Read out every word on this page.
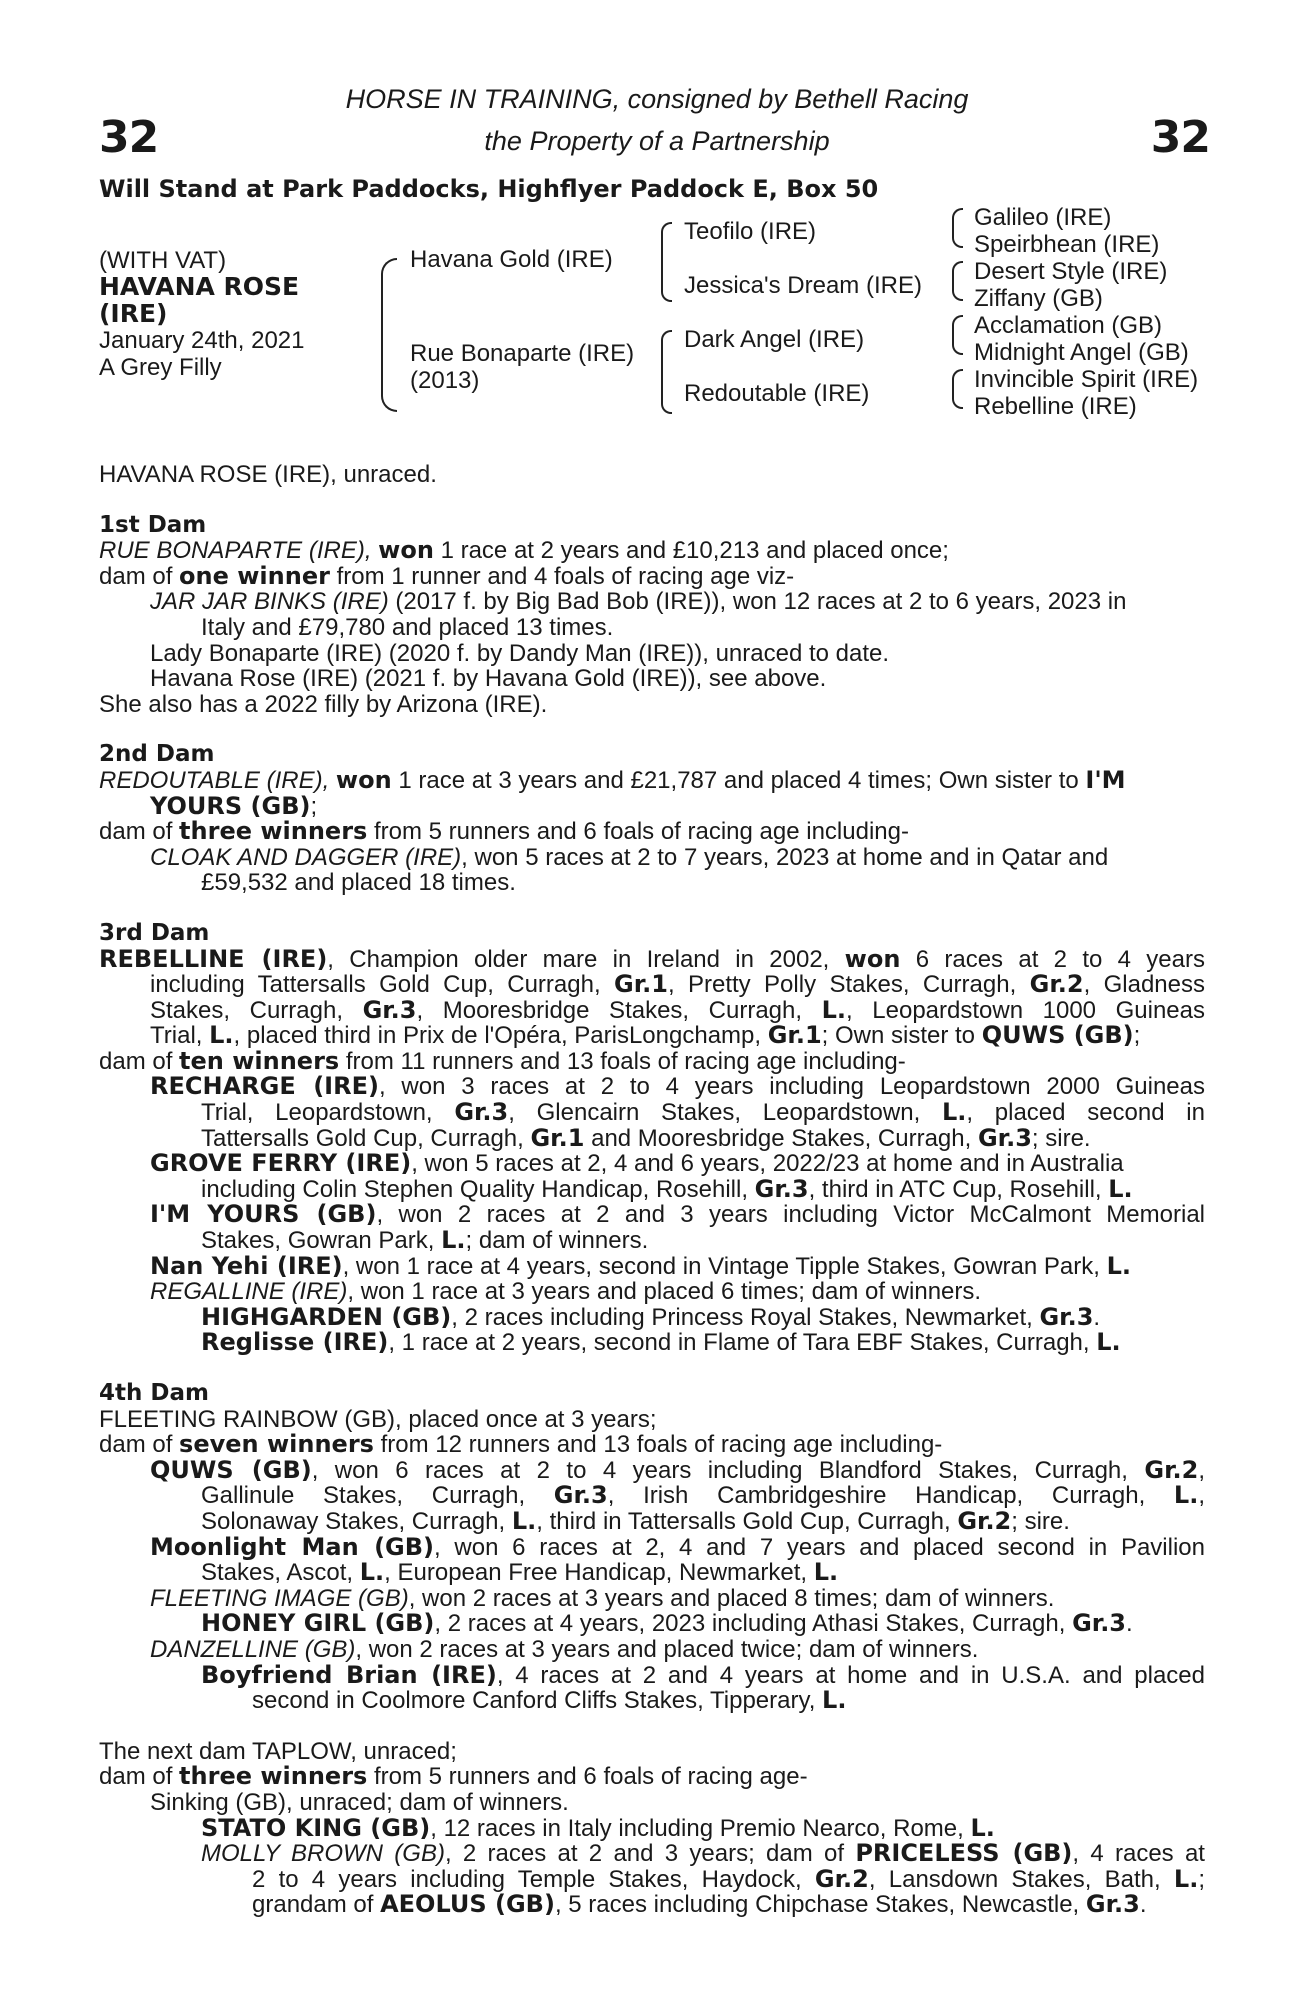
32	32
HORSE IN TRAINING, consigned by Bethell Racing
the Property of a Partnership
Will Stand at Park Paddocks, Highflyer Paddock E, Box 50
(WITH VAT)
HAVANA ROSE
(IRE)
January 24th, 2021
A Grey Filly
Havana Gold (IRE)
Rue Bonaparte (IRE)
(2013)
Teofilo (IRE)
Jessica's Dream (IRE)
Dark Angel (IRE)
Redoutable (IRE)
Galileo (IRE)
Speirbhean (IRE)
Desert Style (IRE)
Ziffany (GB)
Acclamation (GB)
Midnight Angel (GB)
Invincible Spirit (IRE)
Rebelline (IRE)

HAVANA ROSE (IRE), unraced.

1st Dam

RUE BONAPARTE (IRE), won 1 race at 2 years and £10,213 and placed once;

dam of one winner from 1 runner and 4 foals of racing age viz-

JAR JAR BINKS (IRE) (2017 f. by Big Bad Bob (IRE)), won 12 races at 2 to 6 years, 2023 in
Italy and £79,780 and placed 13 times.

Lady Bonaparte (IRE) (2020 f. by Dandy Man (IRE)), unraced to date.

Havana Rose (IRE) (2021 f. by Havana Gold (IRE)), see above.

She also has a 2022 filly by Arizona (IRE).

2nd Dam

REDOUTABLE (IRE), won 1 race at 3 years and £21,787 and placed 4 times; Own sister to I'M
YOURS (GB);

dam of three winners from 5 runners and 6 foals of racing age including-

CLOAK AND DAGGER (IRE), won 5 races at 2 to 7 years, 2023 at home and in Qatar and
£59,532 and placed 18 times.

3rd Dam

REBELLINE (IRE), Champion older mare in Ireland in 2002, won 6 races at 2 to 4 years
including Tattersalls Gold Cup, Curragh, Gr.1, Pretty Polly Stakes, Curragh, Gr.2, Gladness
Stakes, Curragh, Gr.3, Mooresbridge Stakes, Curragh, L., Leopardstown 1000 Guineas
Trial, L., placed third in Prix de l'Opéra, ParisLongchamp, Gr.1; Own sister to QUWS (GB);

dam of ten winners from 11 runners and 13 foals of racing age including-

RECHARGE (IRE), won 3 races at 2 to 4 years including Leopardstown 2000 Guineas
Trial, Leopardstown, Gr.3, Glencairn Stakes, Leopardstown, L., placed second in
Tattersalls Gold Cup, Curragh, Gr.1 and Mooresbridge Stakes, Curragh, Gr.3; sire.

GROVE FERRY (IRE), won 5 races at 2, 4 and 6 years, 2022/23 at home and in Australia
including Colin Stephen Quality Handicap, Rosehill, Gr.3, third in ATC Cup, Rosehill, L.

I'M YOURS (GB), won 2 races at 2 and 3 years including Victor McCalmont Memorial
Stakes, Gowran Park, L.; dam of winners.

Nan Yehi (IRE), won 1 race at 4 years, second in Vintage Tipple Stakes, Gowran Park, L.

REGALLINE (IRE), won 1 race at 3 years and placed 6 times; dam of winners.

HIGHGARDEN (GB), 2 races including Princess Royal Stakes, Newmarket, Gr.3.

Reglisse (IRE), 1 race at 2 years, second in Flame of Tara EBF Stakes, Curragh, L.

4th Dam

FLEETING RAINBOW (GB), placed once at 3 years;

dam of seven winners from 12 runners and 13 foals of racing age including-

QUWS (GB), won 6 races at 2 to 4 years including Blandford Stakes, Curragh, Gr.2,
Gallinule Stakes, Curragh, Gr.3, Irish Cambridgeshire Handicap, Curragh, L.,
Solonaway Stakes, Curragh, L., third in Tattersalls Gold Cup, Curragh, Gr.2; sire.

Moonlight Man (GB), won 6 races at 2, 4 and 7 years and placed second in Pavilion
Stakes, Ascot, L., European Free Handicap, Newmarket, L.

FLEETING IMAGE (GB), won 2 races at 3 years and placed 8 times; dam of winners.

HONEY GIRL (GB), 2 races at 4 years, 2023 including Athasi Stakes, Curragh, Gr.3.

DANZELLINE (GB), won 2 races at 3 years and placed twice; dam of winners.

Boyfriend Brian (IRE), 4 races at 2 and 4 years at home and in U.S.A. and placed
second in Coolmore Canford Cliffs Stakes, Tipperary, L.

The next dam TAPLOW, unraced;

dam of three winners from 5 runners and 6 foals of racing age-

Sinking (GB), unraced; dam of winners.

STATO KING (GB), 12 races in Italy including Premio Nearco, Rome, L.

MOLLY BROWN (GB), 2 races at 2 and 3 years; dam of PRICELESS (GB), 4 races at
2 to 4 years including Temple Stakes, Haydock, Gr.2, Lansdown Stakes, Bath, L.;
grandam of AEOLUS (GB), 5 races including Chipchase Stakes, Newcastle, Gr.3.
